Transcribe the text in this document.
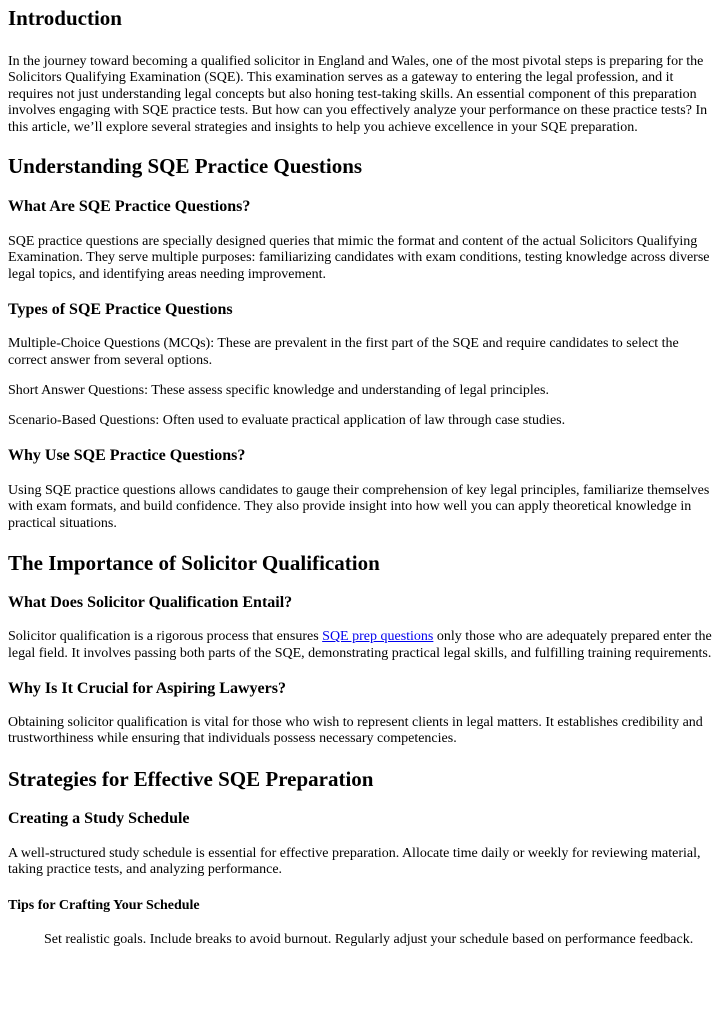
Introduction

In the journey toward becoming a qualified solicitor in England and Wales, one of the most pivotal steps is preparing for the Solicitors Qualifying Examination (SQE). This examination serves as a gateway to entering the legal profession, and it requires not just understanding legal concepts but also honing test-taking skills. An essential component of this preparation involves engaging with SQE practice tests. But how can you effectively analyze your performance on these practice tests? In this article, we’ll explore several strategies and insights to help you achieve excellence in your SQE preparation.

Understanding SQE Practice Questions
What Are SQE Practice Questions?

SQE practice questions are specially designed queries that mimic the format and content of the actual Solicitors Qualifying Examination. They serve multiple purposes: familiarizing candidates with exam conditions, testing knowledge across diverse legal topics, and identifying areas needing improvement.

Types of SQE Practice Questions

Multiple-Choice Questions (MCQs): These are prevalent in the first part of the SQE and require candidates to select the correct answer from several options.

Short Answer Questions: These assess specific knowledge and understanding of legal principles.

Scenario-Based Questions: Often used to evaluate practical application of law through case studies.

Why Use SQE Practice Questions?

Using SQE practice questions allows candidates to gauge their comprehension of key legal principles, familiarize themselves with exam formats, and build confidence. They also provide insight into how well you can apply theoretical knowledge in practical situations.

The Importance of Solicitor Qualification
What Does Solicitor Qualification Entail?

Solicitor qualification is a rigorous process that ensures SQE prep questions only those who are adequately prepared enter the legal field. It involves passing both parts of the SQE, demonstrating practical legal skills, and fulfilling training requirements.

Why Is It Crucial for Aspiring Lawyers?

Obtaining solicitor qualification is vital for those who wish to represent clients in legal matters. It establishes credibility and trustworthiness while ensuring that individuals possess necessary competencies.

Strategies for Effective SQE Preparation
Creating a Study Schedule

A well-structured study schedule is essential for effective preparation. Allocate time daily or weekly for reviewing material, taking practice tests, and analyzing performance.

Tips for Crafting Your Schedule
Set realistic goals. Include breaks to avoid burnout. Regularly adjust your schedule based on performance feedback.
